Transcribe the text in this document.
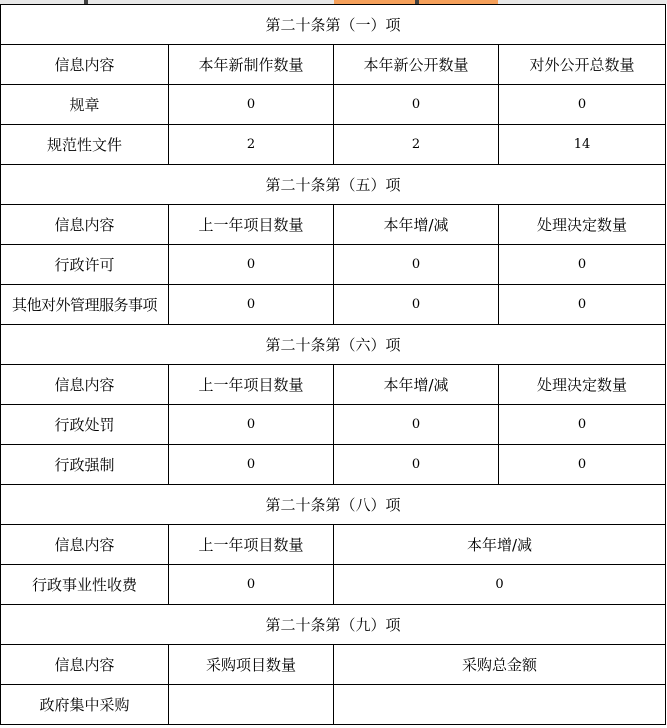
第二十条第（一）项			
信息内容	本年新制作数量	本年新公开数量	对外公开总数量
规章	0	0	0
规范性文件	2	2	14
第二十条第（五）项			
信息内容	上一年项目数量	本年增/减	处理决定数量
行政许可	0	0	0
其他对外管理服务事项	0	0	0
第二十条第（六）项			
信息内容	上一年项目数量	本年增/减	处理决定数量
行政处罚	0	0	0
行政强制	0	0	0
第二十条第（八）项			
信息内容	上一年项目数量	本年增/减	
行政事业性收费	0	0	
第二十条第（九）项			
信息内容	采购项目数量	采购总金额	
政府集中采购			
